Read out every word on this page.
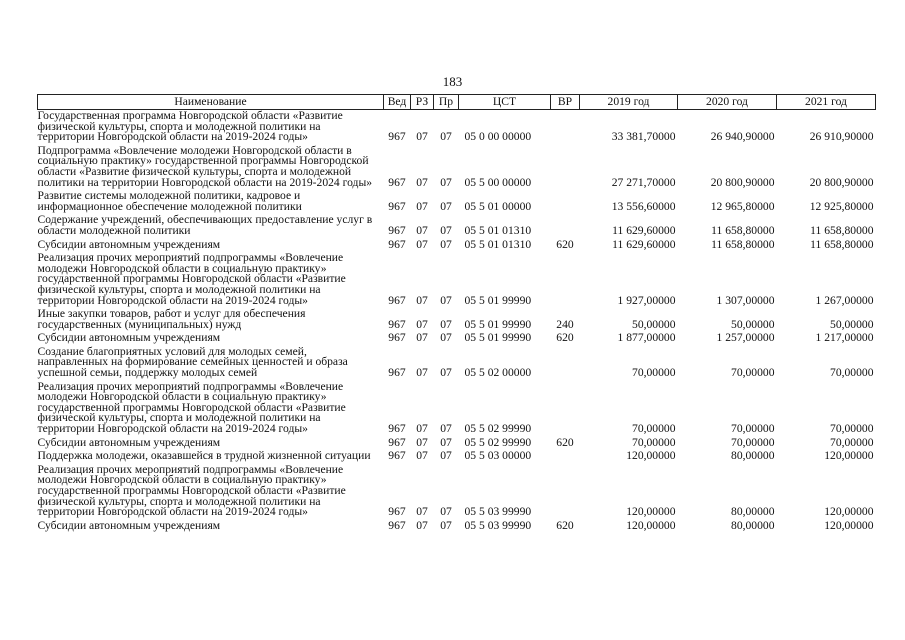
183
Наименование	Вед	РЗ	Пр	ЦСТ	ВР	2019 год	2020 год	2021 год
Государственная программа Новгородской области «Развитие физической культуры, спорта и молодежной политики на территории Новгородской области на 2019-2024 годы»	967	07	07	05 0 00 00000		33 381,70000	26 940,90000	26 910,90000
Подпрограмма «Вовлечение молодежи Новгородской области в социальную практику» государственной программы Новгородской области «Развитие физической культуры, спорта и молодежной политики на территории Новгородской области на 2019-2024 годы»	967	07	07	05 5 00 00000		27 271,70000	20 800,90000	20 800,90000
Развитие системы молодежной политики, кадровое и информационное обеспечение молодежной политики	967	07	07	05 5 01 00000		13 556,60000	12 965,80000	12 925,80000
Содержание учреждений, обеспечивающих предоставление услуг в области молодежной политики	967	07	07	05 5 01 01310		11 629,60000	11 658,80000	11 658,80000
Субсидии автономным учреждениям	967	07	07	05 5 01 01310	620	11 629,60000	11 658,80000	11 658,80000
Реализация прочих мероприятий подпрограммы «Вовлечение молодежи Новгородской области в социальную практику» государственной программы Новгородской области «Развитие физической культуры, спорта и молодежной политики на территории Новгородской области на 2019-2024 годы»	967	07	07	05 5 01 99990		1 927,00000	1 307,00000	1 267,00000
Иные закупки товаров, работ и услуг для обеспечения государственных (муниципальных) нужд	967	07	07	05 5 01 99990	240	50,00000	50,00000	50,00000
Субсидии автономным учреждениям	967	07	07	05 5 01 99990	620	1 877,00000	1 257,00000	1 217,00000
Создание благоприятных условий для молодых семей, направленных на формирование семейных ценностей и образа успешной семьи, поддержку молодых семей	967	07	07	05 5 02 00000		70,00000	70,00000	70,00000
Реализация прочих мероприятий подпрограммы «Вовлечение молодежи Новгородской области в социальную практику» государственной программы Новгородской области «Развитие физической культуры, спорта и молодежной политики на территории Новгородской области на 2019-2024 годы»	967	07	07	05 5 02 99990		70,00000	70,00000	70,00000
Субсидии автономным учреждениям	967	07	07	05 5 02 99990	620	70,00000	70,00000	70,00000
Поддержка молодежи, оказавшейся в трудной жизненной ситуации	967	07	07	05 5 03 00000		120,00000	80,00000	120,00000
Реализация прочих мероприятий подпрограммы «Вовлечение молодежи Новгородской области в социальную практику» государственной программы Новгородской области «Развитие физической культуры, спорта и молодежной политики на территории Новгородской области на 2019-2024 годы»	967	07	07	05 5 03 99990		120,00000	80,00000	120,00000
Субсидии автономным учреждениям	967	07	07	05 5 03 99990	620	120,00000	80,00000	120,00000
